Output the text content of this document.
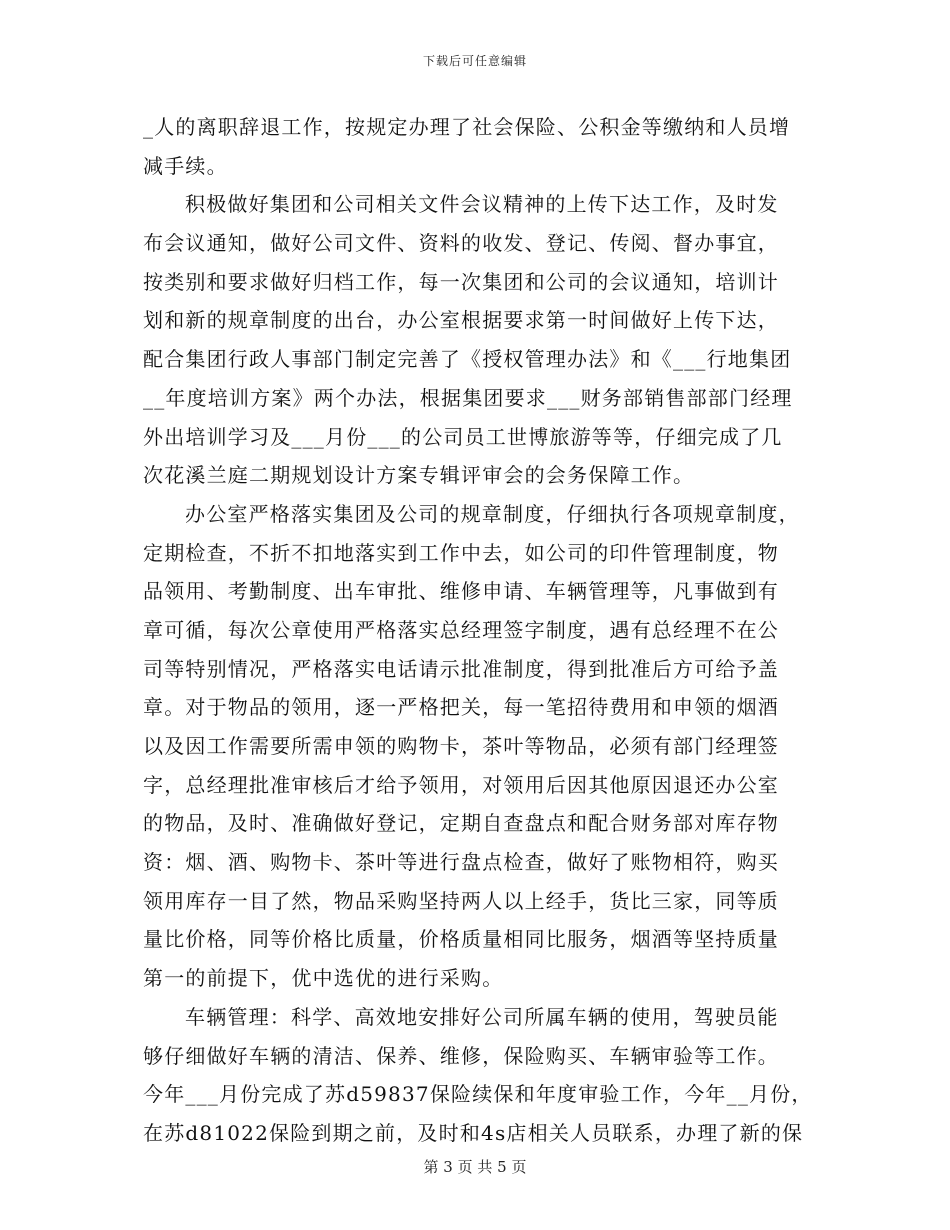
下载后可任意编辑
_人的离职辞退工作，按规定办理了社会保险、公积金等缴纳和人员增
减手续。
积极做好集团和公司相关文件会议精神的上传下达工作，及时发
布会议通知，做好公司文件、资料的收发、登记、传阅、督办事宜，
按类别和要求做好归档工作，每一次集团和公司的会议通知，培训计
划和新的规章制度的出台，办公室根据要求第一时间做好上传下达，
配合集团行政人事部门制定完善了《授权管理办法》和《___行地集团
__年度培训方案》两个办法，根据集团要求___财务部销售部部门经理
外出培训学习及___月份___的公司员工世博旅游等等，仔细完成了几
次花溪兰庭二期规划设计方案专辑评审会的会务保障工作。
办公室严格落实集团及公司的规章制度，仔细执行各项规章制度，
定期检查，不折不扣地落实到工作中去，如公司的印件管理制度，物
品领用、考勤制度、出车审批、维修申请、车辆管理等，凡事做到有
章可循，每次公章使用严格落实总经理签字制度，遇有总经理不在公
司等特别情况，严格落实电话请示批准制度，得到批准后方可给予盖
章。对于物品的领用，逐一严格把关，每一笔招待费用和申领的烟酒
以及因工作需要所需申领的购物卡，茶叶等物品，必须有部门经理签
字，总经理批准审核后才给予领用，对领用后因其他原因退还办公室
的物品，及时、准确做好登记，定期自查盘点和配合财务部对库存物
资：烟、酒、购物卡、茶叶等进行盘点检查，做好了账物相符，购买
领用库存一目了然，物品采购坚持两人以上经手，货比三家，同等质
量比价格，同等价格比质量，价格质量相同比服务，烟酒等坚持质量
第一的前提下，优中选优的进行采购。
车辆管理：科学、高效地安排好公司所属车辆的使用，驾驶员能
够仔细做好车辆的清洁、保养、维修，保险购买、车辆审验等工作。
今年___月份完成了苏d59837保险续保和年度审验工作，今年__月份，
在苏d81022保险到期之前，及时和4s店相关人员联系，办理了新的保
第 3 页 共 5 页
